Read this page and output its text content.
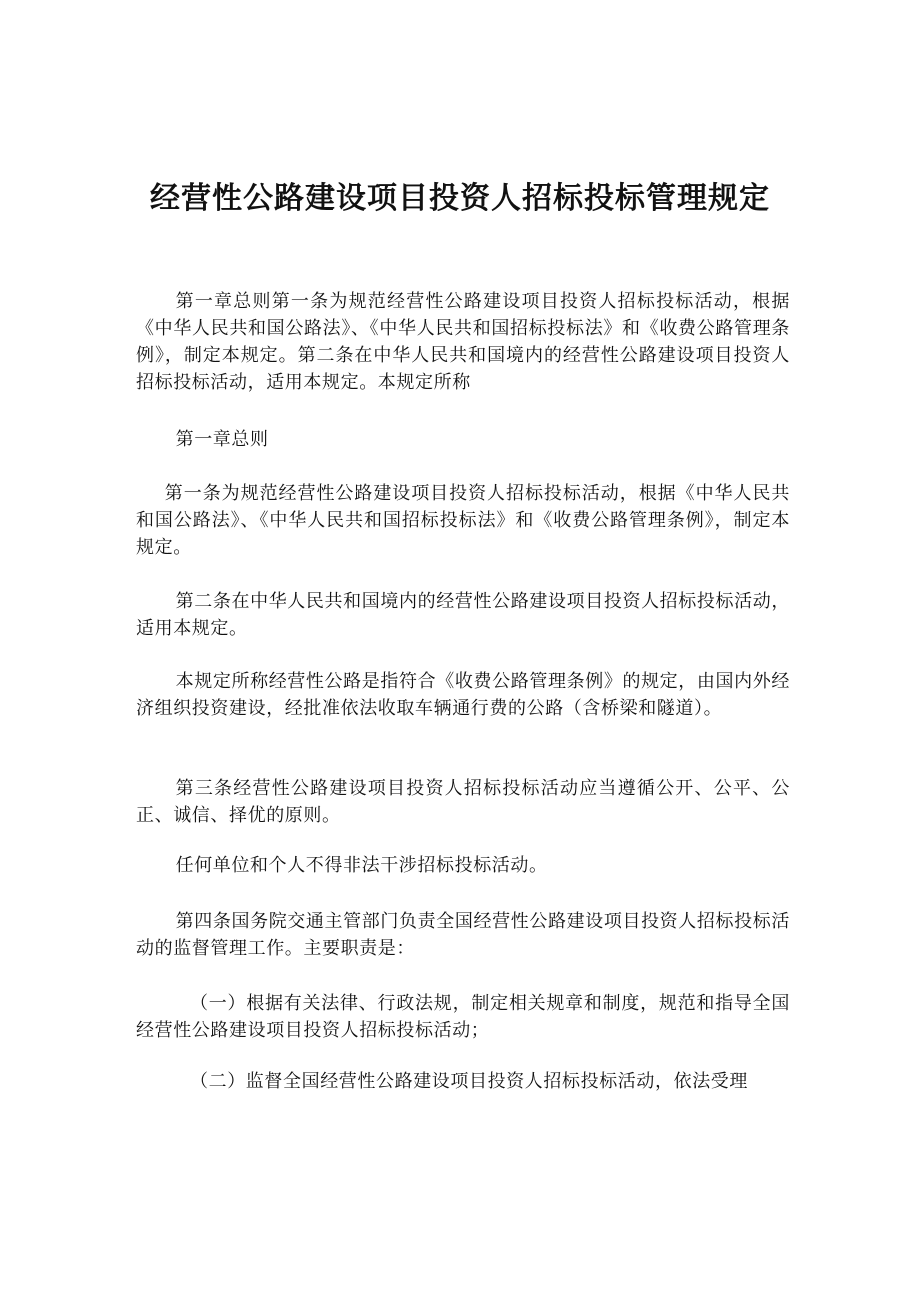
经营性公路建设项目投资人招标投标管理规定

第一章总则第一条为规范经营性公路建设项目投资人招标投标活动，根据《中华人民共和国公路法》、《中华人民共和国招标投标法》和《收费公路管理条例》，制定本规定。第二条在中华人民共和国境内的经营性公路建设项目投资人招标投标活动，适用本规定。本规定所称

第一章总则

第一条为规范经营性公路建设项目投资人招标投标活动，根据《中华人民共和国公路法》、《中华人民共和国招标投标法》和《收费公路管理条例》，制定本规定。

第二条在中华人民共和国境内的经营性公路建设项目投资人招标投标活动，适用本规定。

本规定所称经营性公路是指符合《收费公路管理条例》的规定，由国内外经济组织投资建设，经批准依法收取车辆通行费的公路（含桥梁和隧道）。

第三条经营性公路建设项目投资人招标投标活动应当遵循公开、公平、公正、诚信、择优的原则。

任何单位和个人不得非法干涉招标投标活动。

第四条国务院交通主管部门负责全国经营性公路建设项目投资人招标投标活动的监督管理工作。主要职责是：

（一）根据有关法律、行政法规，制定相关规章和制度，规范和指导全国经营性公路建设项目投资人招标投标活动；

（二）监督全国经营性公路建设项目投资人招标投标活动，依法受理
